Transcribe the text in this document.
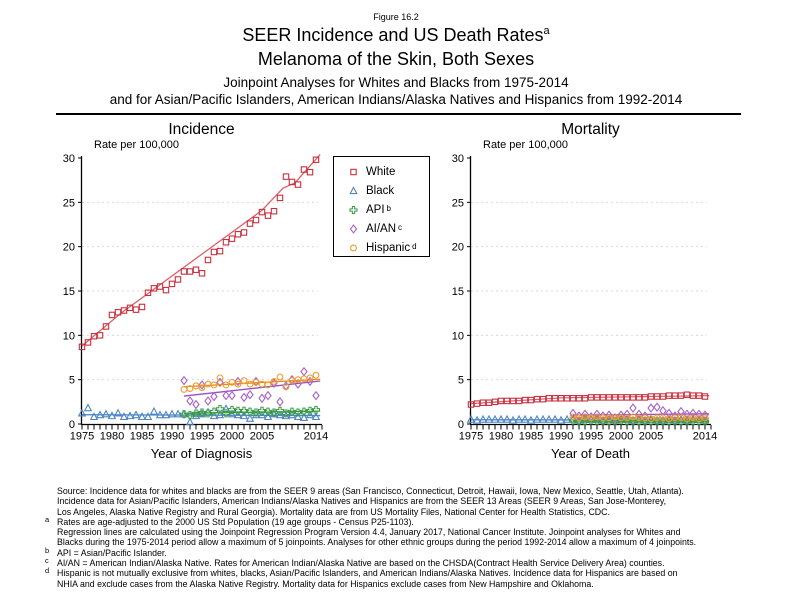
Figure 16.2
SEER Incidence and US Death Rates$^a$
Melanoma of the Skin, Both Sexes
Joinpoint Analyses for Whites and Blacks from 1975-2014
and for Asian/Pacific Islanders, American Indians/Alaska Natives and Hispanics from 1992-2014
Incidence	Mortality
Rate per 100,000	Rate per 100,000
1975 1980 1985 1990 1995 2000 2005	2014
0
5
10
15
20
25
30
1975 1980 1985 1990 1995 2000 2005	2014
0
5
10
15
20
25
30
Year of Diagnosis	Year of Death
White
Black
API $^b$
AI/AN $^c$
Hispanic $^d$
Source: Incidence data for whites and blacks are from the SEER 9 areas (San Francisco, Connecticut, Detroit, Hawaii, Iowa, New Mexico, Seattle, Utah, Atlanta).
Incidence data for Asian/Pacific Islanders, American Indians/Alaska Natives and Hispanics are from the SEER 13 Areas (SEER 9 Areas, San Jose-Monterey,
Los Angeles, Alaska Native Registry and Rural Georgia). Mortality data are from US Mortality Files, National Center for Health Statistics, CDC.
a Rates are age-adjusted to the 2000 US Std Population (19 age groups - Census P25-1103).
Regression lines are calculated using the Joinpoint Regression Program Version 4.4, January 2017, National Cancer Institute. Joinpoint analyses for Whites and
Blacks during the 1975-2014 period allow a maximum of 5 joinpoints. Analyses for other ethnic groups during the period 1992-2014 allow a maximum of 4 joinpoints.
b API = Asian/Pacific Islander.
c AI/AN = American Indian/Alaska Native. Rates for American Indian/Alaska Native are based on the CHSDA(Contract Health Service Delivery Area) counties.
d Hispanic is not mutually exclusive from whites, blacks, Asian/Pacific Islanders, and American Indians/Alaska Natives. Incidence data for Hispanics are based on
NHIA and exclude cases from the Alaska Native Registry. Mortality data for Hispanics exclude cases from New Hampshire and Oklahoma.
